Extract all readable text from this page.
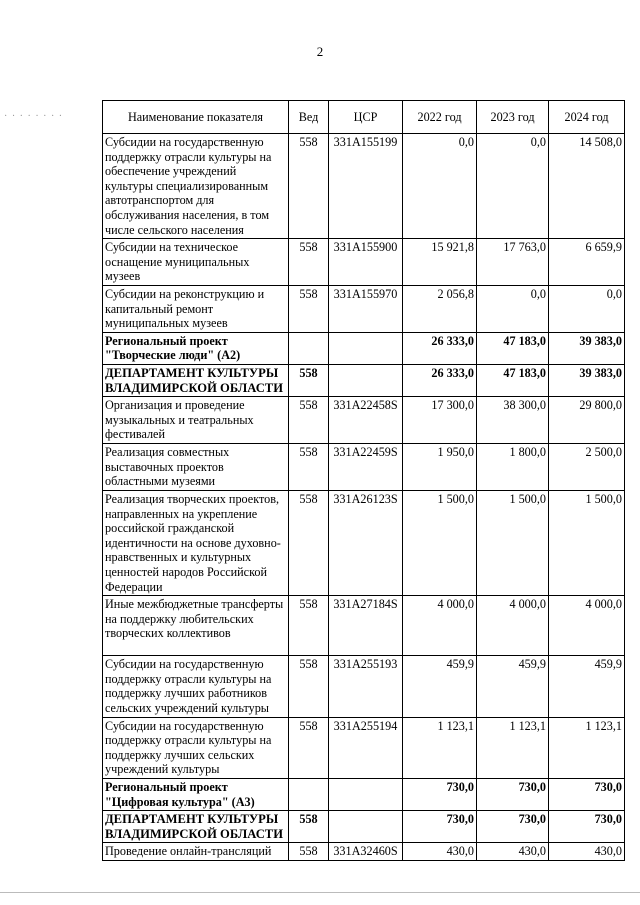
2
· · · · · · · ·	Наименование показателя	Вед	ЦСР	2022 год	2023 год	2024 год
Субсидии на государственную поддержку отрасли культуры на обеспечение учреждений культуры специализированным автотранспортом для обслуживания населения, в том числе сельского населения	558	331A155199	0,0	0,0	14 508,0
Субсидии на техническое оснащение муниципальных музеев	558	331A155900	15 921,8	17 763,0	6 659,9
Субсидии на реконструкцию и капитальный ремонт муниципальных музеев	558	331A155970	2 056,8	0,0	0,0
Региональный проект "Творческие люди" (А2)			26 333,0	47 183,0	39 383,0
ДЕПАРТАМЕНТ КУЛЬТУРЫ ВЛАДИМИРСКОЙ ОБЛАСТИ	558		26 333,0	47 183,0	39 383,0
Организация и проведение музыкальных и театральных фестивалей	558	331A22458S	17 300,0	38 300,0	29 800,0
Реализация совместных выставочных проектов областными музеями	558	331A22459S	1 950,0	1 800,0	2 500,0
Реализация творческих проектов, направленных на укрепление российской гражданской идентичности на основе духовно-нравственных и культурных ценностей народов Российской Федерации	558	331A26123S	1 500,0	1 500,0	1 500,0
Иные межбюджетные трансферты на поддержку любительских творческих коллективов	558	331A27184S	4 000,0	4 000,0	4 000,0
Субсидии на государственную поддержку отрасли культуры на поддержку лучших работников сельских учреждений культуры	558	331A255193	459,9	459,9	459,9
Субсидии на государственную поддержку отрасли культуры на поддержку лучших сельских учреждений культуры	558	331A255194	1 123,1	1 123,1	1 123,1
Региональный проект "Цифровая культура" (А3)			730,0	730,0	730,0
ДЕПАРТАМЕНТ КУЛЬТУРЫ ВЛАДИМИРСКОЙ ОБЛАСТИ	558		730,0	730,0	730,0
Проведение онлайн-трансляций	558	331A32460S	430,0	430,0	430,0
